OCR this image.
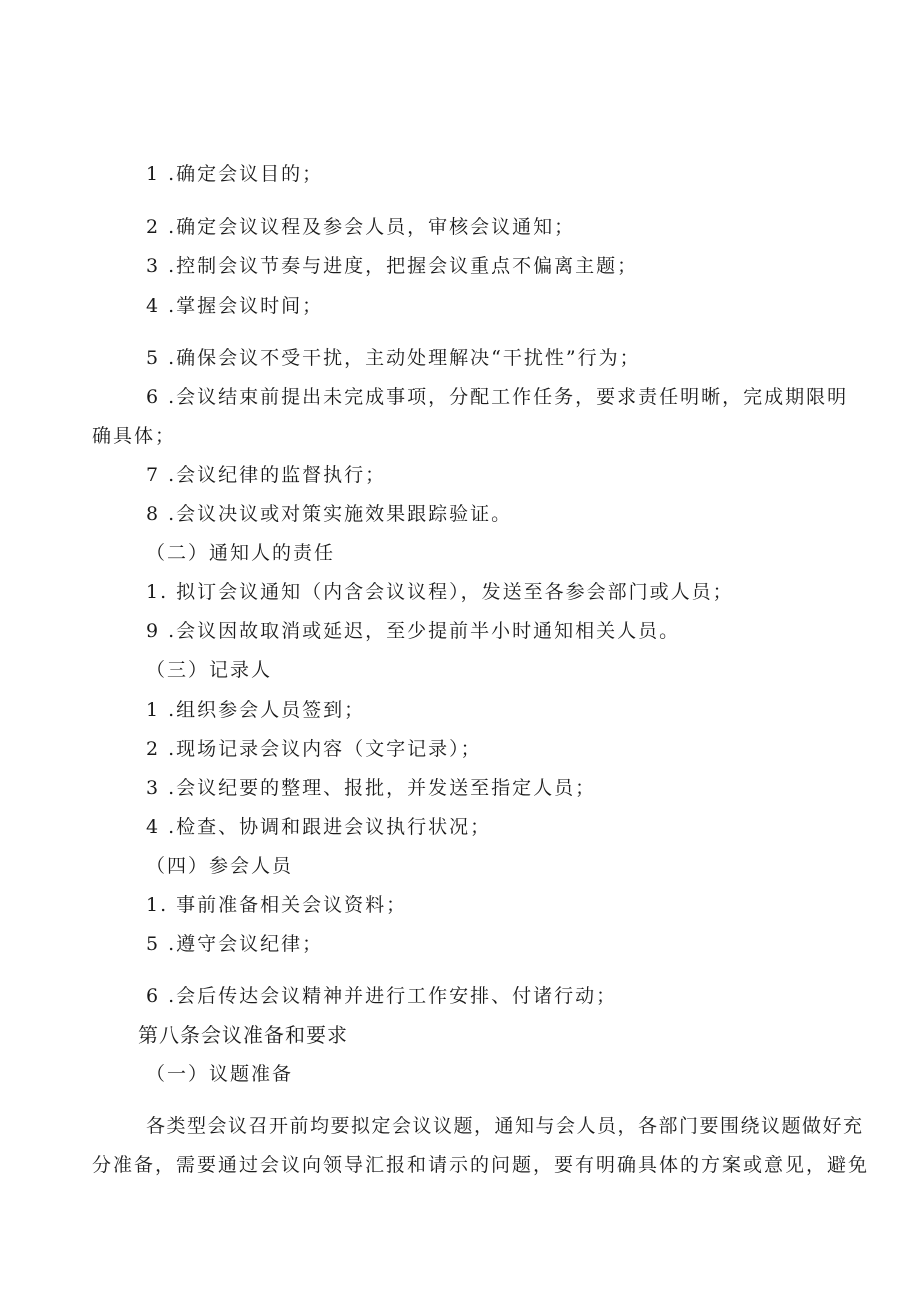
1 .确定会议目的；
2 .确定会议议程及参会人员，审核会议通知；
3 .控制会议节奏与进度，把握会议重点不偏离主题；
4 .掌握会议时间；
5 .确保会议不受干扰，主动处理解决“干扰性”行为；
6 .会议结束前提出未完成事项，分配工作任务，要求责任明晰，完成期限明
确具体；
7 .会议纪律的监督执行；
8 .会议决议或对策实施效果跟踪验证。
（二）通知人的责任
1. 拟订会议通知（内含会议议程），发送至各参会部门或人员；
9 .会议因故取消或延迟，至少提前半小时通知相关人员。
（三）记录人
1 .组织参会人员签到；
2 .现场记录会议内容（文字记录）；
3 .会议纪要的整理、报批，并发送至指定人员；
4 .检查、协调和跟进会议执行状况；
（四）参会人员
1. 事前准备相关会议资料；
5 .遵守会议纪律；
6 .会后传达会议精神并进行工作安排、付诸行动；
第八条会议准备和要求
（一）议题准备
各类型会议召开前均要拟定会议议题，通知与会人员，各部门要围绕议题做好充
分准备，需要通过会议向领导汇报和请示的问题，要有明确具体的方案或意见，避免
